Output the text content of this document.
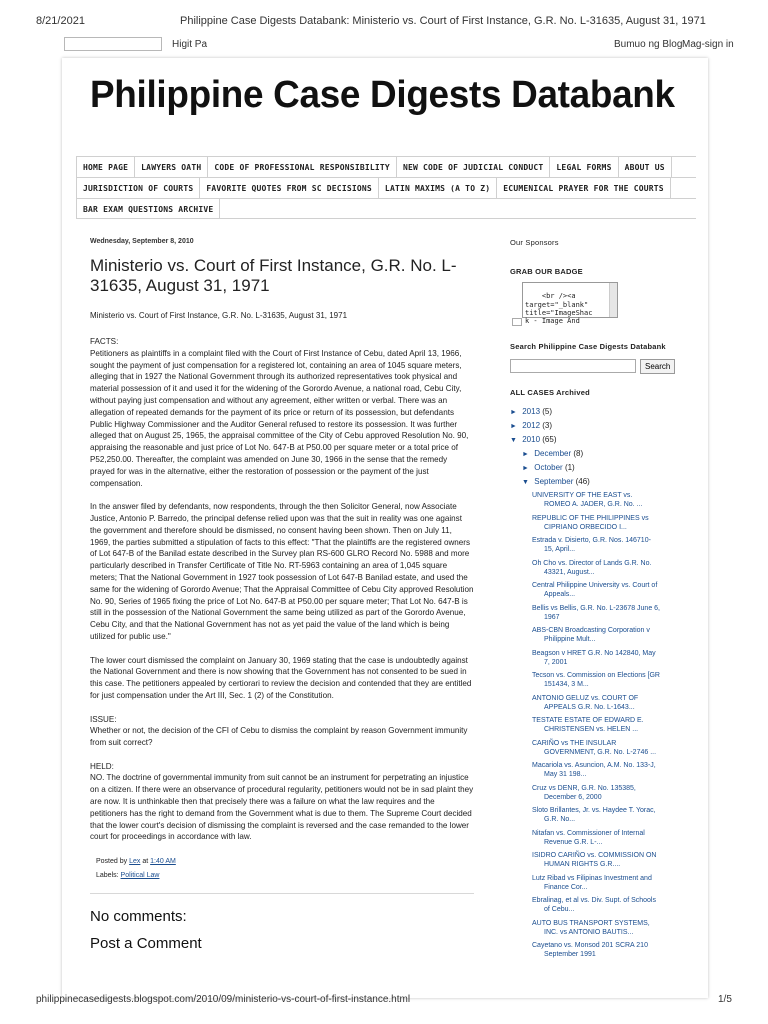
8/21/2021	Philippine Case Digests Databank: Ministerio vs. Court of First Instance, G.R. No. L-31635, August 31, 1971
Higit Pa	Bumuo ng Blog Mag-sign in
Philippine Case Digests Databank
HOME PAGE	LAWYERS OATH	CODE OF PROFESSIONAL RESPONSIBILITY	NEW CODE OF JUDICIAL CONDUCT	LEGAL FORMS	ABOUT US
JURISDICTION OF COURTS	FAVORITE QUOTES FROM SC DECISIONS	LATIN MAXIMS (A TO Z)	ECUMENICAL PRAYER FOR THE COURTS
BAR EXAM QUESTIONS ARCHIVE
Wednesday, September 8, 2010
Ministerio vs. Court of First Instance, G.R. No. L-31635, August 31, 1971
Ministerio vs. Court of First Instance, G.R. No. L-31635, August 31, 1971

FACTS:
Petitioners as plaintiffs in a complaint filed with the Court of First Instance of Cebu, dated April 13, 1966, sought the payment of just compensation for a registered lot, containing an area of 1045 square meters, alleging that in 1927 the National Government through its authorized representatives took physical and material possession of it and used it for the widening of the Gorordo Avenue, a national road, Cebu City, without paying just compensation and without any agreement, either written or verbal. There was an allegation of repeated demands for the payment of its price or return of its possession, but defendants Public Highway Commissioner and the Auditor General refused to restore its possession. It was further alleged that on August 25, 1965, the appraisal committee of the City of Cebu approved Resolution No. 90, appraising the reasonable and just price of Lot No. 647-B at P50.00 per square meter or a total price of P52,250.00. Thereafter, the complaint was amended on June 30, 1966 in the sense that the remedy prayed for was in the alternative, either the restoration of possession or the payment of the just compensation.

In the answer filed by defendants, now respondents, through the then Solicitor General, now Associate Justice, Antonio P. Barredo, the principal defense relied upon was that the suit in reality was one against the government and therefore should be dismissed, no consent having been shown. Then on July 11, 1969, the parties submitted a stipulation of facts to this effect: "That the plaintiffs are the registered owners of Lot 647-B of the Banilad estate described in the Survey plan RS-600 GLRO Record No. 5988 and more particularly described in Transfer Certificate of Title No. RT-5963 containing an area of 1,045 square meters; That the National Government in 1927 took possession of Lot 647-B Banilad estate, and used the same for the widening of Gorordo Avenue; That the Appraisal Committee of Cebu City approved Resolution No. 90, Series of 1965 fixing the price of Lot No. 647-B at P50.00 per square meter; That Lot No. 647-B is still in the possession of the National Government the same being utilized as part of the Gorordo Avenue, Cebu City, and that the National Government has not as yet paid the value of the land which is being utilized for public use."

The lower court dismissed the complaint on January 30, 1969 stating that the case is undoubtedly against the National Government and there is now showing that the Government has not consented to be sued in this case. The petitioners appealed by certiorari to review the decision and contended that they are entitled for just compensation under the Art III, Sec. 1 (2) of the Constitution.

ISSUE:
Whether or not, the decision of the CFI of Cebu to dismiss the complaint by reason Government immunity from suit correct?

HELD:
NO. The doctrine of governmental immunity from suit cannot be an instrument for perpetrating an injustice on a citizen. If there were an observance of procedural regularity, petitioners would not be in sad plaint they are now. It is unthinkable then that precisely there was a failure on what the law requires and the petitioners has the right to demand from the Government what is due to them. The Supreme Court decided that the lower court's decision of dismissing the complaint is reversed and the case remanded to the lower court for proceedings in accordance with law.

Posted by Lex at 1:40 AM
Labels: Political Law
No comments:
Post a Comment
Our Sponsors
GRAB OUR BADGE

<br /><a
target="_blank"
title="ImageShac
k - Image And

Search Philippine Case Digests Databank
Search
ALL CASES Archived
► 2013 (5)
► 2012 (3)
▼ 2010 (65)
► December (8)
► October (1)
▼ September (46)
UNIVERSITY OF THE EAST vs.
ROMEO A. JADER, G.R. No. ...
REPUBLIC OF THE PHILIPPINES vs
CIPRIANO ORBECIDO I...
Estrada v. Disierto, G.R. Nos. 146710-
15, April...
Oh Cho vs. Director of Lands G.R. No.
43321, August...
Central Philippine University vs. Court of
Appeals...
Bellis vs Bellis, G.R. No. L-23678 June 6,
1967
ABS-CBN Broadcasting Corporation v
Philippine Mult...
Beagson v HRET G.R. No 142840, May
7, 2001
Tecson vs. Commission on Elections [GR
151434, 3 M...
ANTONIO GELUZ vs. COURT OF
APPEALS G.R. No. L-1643...
TESTATE ESTATE OF EDWARD E.
CHRISTENSEN vs. HELEN ...
CARIÑO vs THE INSULAR
GOVERNMENT, G.R. No. L-2746 ...
Macariola vs. Asuncion, A.M. No. 133-J,
May 31 198...
Cruz vs DENR, G.R. No. 135385,
December 6, 2000
Sloto Brillantes, Jr. vs. Haydee T. Yorac,
G.R. No...
Nitafan vs. Commissioner of Internal
Revenue G.R. L-...
ISIDRO CARIÑO vs. COMMISSION ON
HUMAN RIGHTS G.R....
Lutz Ribad vs Filipinas Investment and
Finance Cor...
Ebralinag, et al vs. Div. Supt. of Schools
of Cebu...
AUTO BUS TRANSPORT SYSTEMS,
INC. vs ANTONIO BAUTIS...
Cayetano vs. Monsod 201 SCRA 210
September 1991
philippinecasedigests.blogspot.com/2010/09/ministerio-vs-court-of-first-instance.html	1/5
